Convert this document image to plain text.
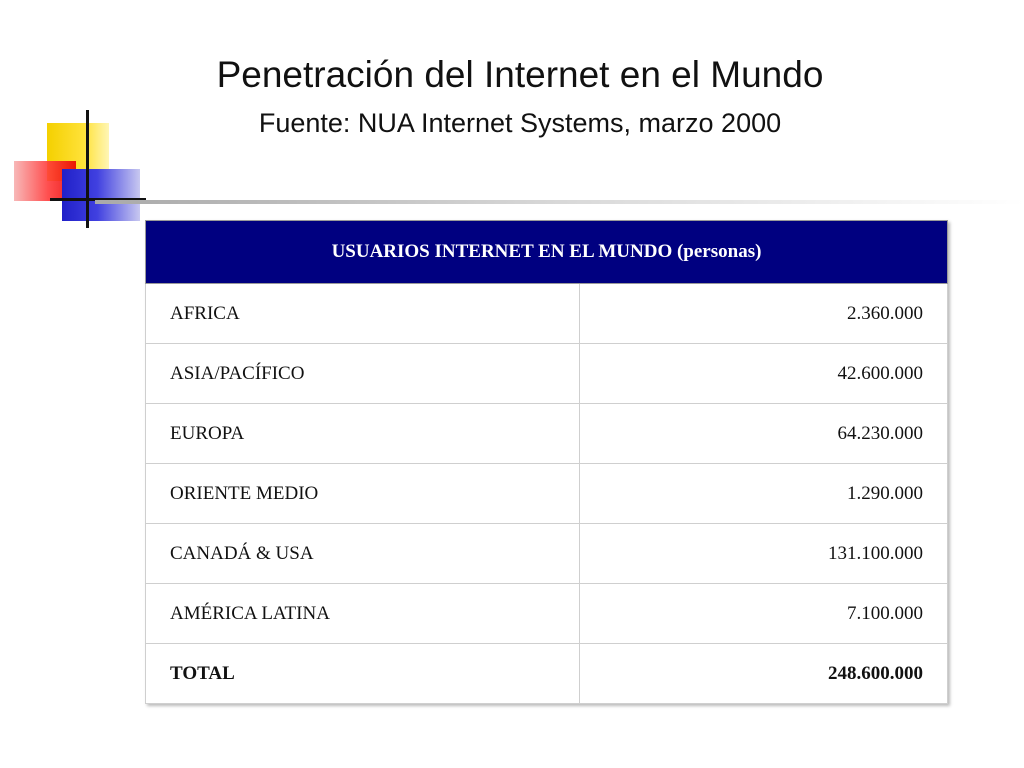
Penetración del Internet en el Mundo
Fuente: NUA Internet Systems, marzo 2000
USUARIOS INTERNET EN EL MUNDO (personas)	
AFRICA	2.360.000
ASIA/PACÍFICO	42.600.000
EUROPA	64.230.000
ORIENTE MEDIO	1.290.000
CANADÁ & USA	131.100.000
AMÉRICA LATINA	7.100.000
TOTAL	248.600.000
